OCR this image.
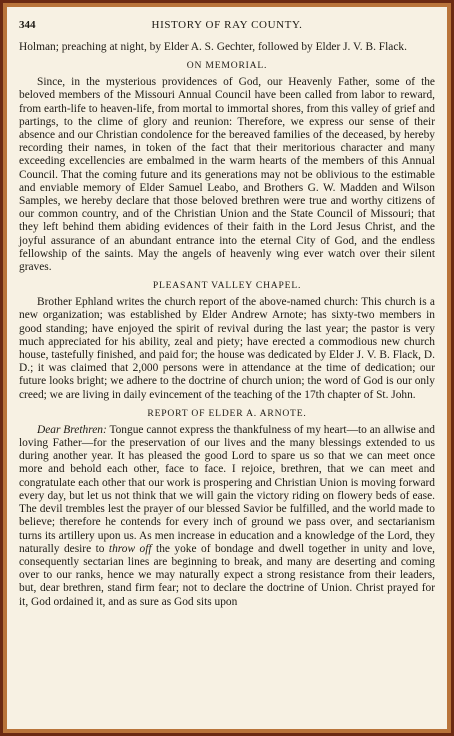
344	HISTORY OF RAY COUNTY.

Holman; preaching at night, by Elder A. S. Gechter, followed by Elder J. V. B. Flack.

ON MEMORIAL.

Since, in the mysterious providences of God, our Heavenly Father, some of the beloved members of the Missouri Annual Council have been called from labor to reward, from earth-life to heaven-life, from mortal to immortal shores, from this valley of grief and partings, to the clime of glory and reunion: Therefore, we express our sense of their absence and our Christian condolence for the bereaved families of the deceased, by hereby recording their names, in token of the fact that their meritorious character and many exceeding excellencies are embalmed in the warm hearts of the members of this Annual Council. That the coming future and its generations may not be oblivious to the estimable and enviable memory of Elder Samuel Leabo, and Brothers G. W. Madden and Wilson Samples, we hereby declare that those beloved brethren were true and worthy citizens of our common country, and of the Christian Union and the State Council of Missouri; that they left behind them abiding evidences of their faith in the Lord Jesus Christ, and the joyful assurance of an abundant entrance into the eternal City of God, and the endless fellowship of the saints. May the angels of heavenly wing ever watch over their silent graves.

PLEASANT VALLEY CHAPEL.

Brother Ephland writes the church report of the above-named church: This church is a new organization; was established by Elder Andrew Arnote; has sixty-two members in good standing; have enjoyed the spirit of revival during the last year; the pastor is very much appreciated for his ability, zeal and piety; have erected a commodious new church house, tastefully finished, and paid for; the house was dedicated by Elder J. V. B. Flack, D. D.; it was claimed that 2,000 persons were in attendance at the time of dedication; our future looks bright; we adhere to the doctrine of church union; the word of God is our only creed; we are living in daily evincement of the teaching of the 17th chapter of St. John.

REPORT OF ELDER A. ARNOTE.

Dear Brethren: Tongue cannot express the thankfulness of my heart—to an allwise and loving Father—for the preservation of our lives and the many blessings extended to us during another year. It has pleased the good Lord to spare us so that we can meet once more and behold each other, face to face. I rejoice, brethren, that we can meet and congratulate each other that our work is prospering and Christian Union is moving forward every day, but let us not think that we will gain the victory riding on flowery beds of ease. The devil trembles lest the prayer of our blessed Savior be fulfilled, and the world made to believe; therefore he contends for every inch of ground we pass over, and sectarianism turns its artillery upon us. As men increase in education and a knowledge of the Lord, they naturally desire to throw off the yoke of bondage and dwell together in unity and love, consequently sectarian lines are beginning to break, and many are deserting and coming over to our ranks, hence we may naturally expect a strong resistance from their leaders, but, dear brethren, stand firm fear; not to declare the doctrine of Union. Christ prayed for it, God ordained it, and as sure as God sits upon
